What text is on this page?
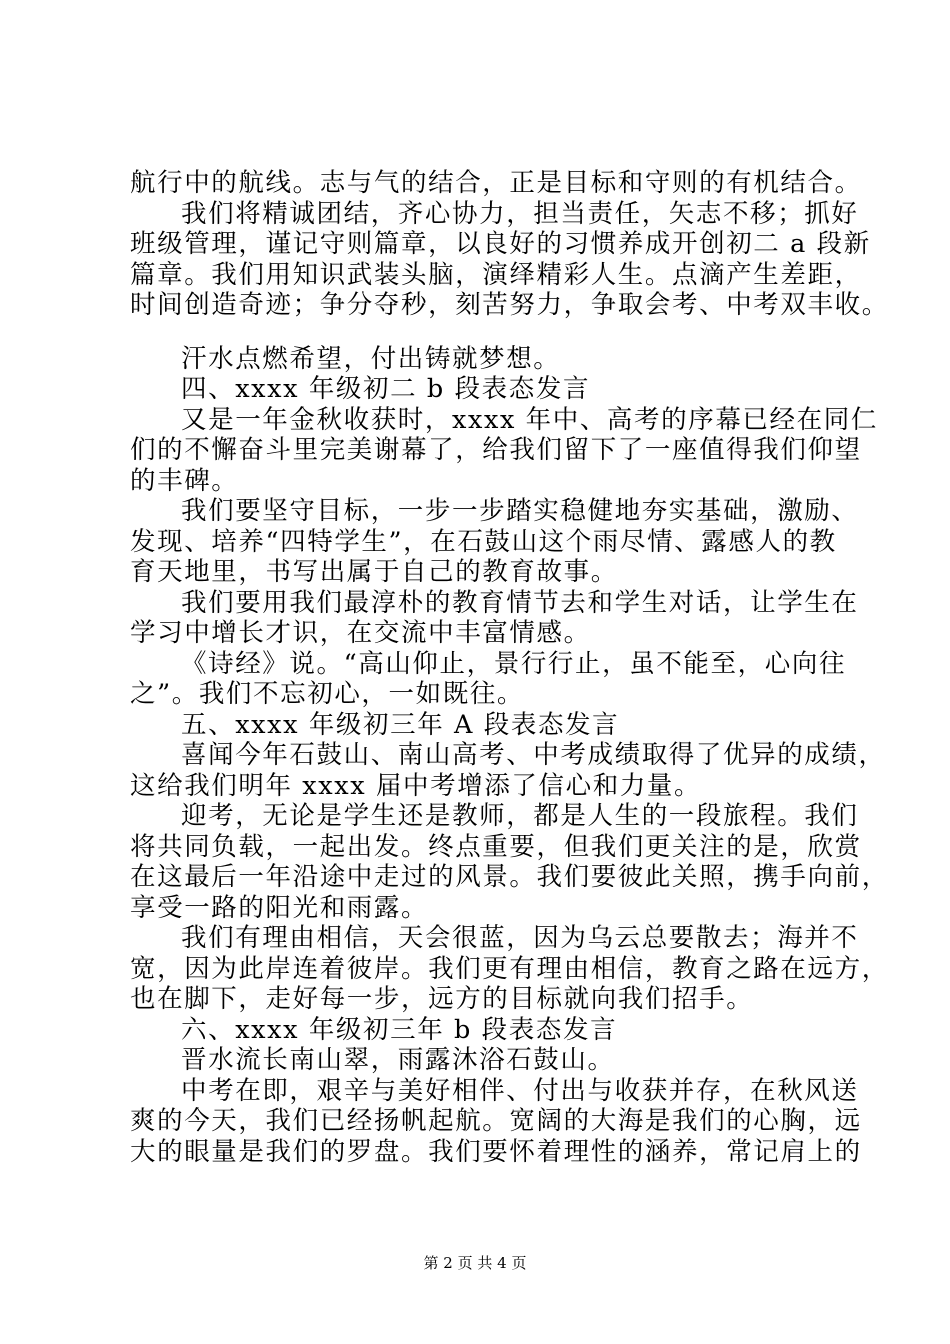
航行中的航线。志与气的结合，正是目标和守则的有机结合。
我们将精诚团结，齐心协力，担当责任，矢志不移；抓好
班级管理，谨记守则篇章，以良好的习惯养成开创初二 a 段新
篇章。我们用知识武装头脑，演绎精彩人生。点滴产生差距，
时间创造奇迹；争分夺秒，刻苦努力，争取会考、中考双丰收。
汗水点燃希望，付出铸就梦想。
四、xxxx 年级初二 b 段表态发言
又是一年金秋收获时，xxxx 年中、高考的序幕已经在同仁
们的不懈奋斗里完美谢幕了，给我们留下了一座值得我们仰望
的丰碑。
我们要坚守目标，一步一步踏实稳健地夯实基础，激励、
发现、培养“四特学生”，在石鼓山这个雨尽情、露感人的教
育天地里，书写出属于自己的教育故事。
我们要用我们最淳朴的教育情节去和学生对话，让学生在
学习中增长才识，在交流中丰富情感。
《诗经》说。“高山仰止，景行行止，虽不能至，心向往
之”。我们不忘初心，一如既往。
五、xxxx 年级初三年 A 段表态发言
喜闻今年石鼓山、南山高考、中考成绩取得了优异的成绩，
这给我们明年 xxxx 届中考增添了信心和力量。
迎考，无论是学生还是教师，都是人生的一段旅程。我们
将共同负载，一起出发。终点重要，但我们更关注的是，欣赏
在这最后一年沿途中走过的风景。我们要彼此关照，携手向前，
享受一路的阳光和雨露。
我们有理由相信，天会很蓝，因为乌云总要散去；海并不
宽，因为此岸连着彼岸。我们更有理由相信，教育之路在远方，
也在脚下，走好每一步，远方的目标就向我们招手。
六、xxxx 年级初三年 b 段表态发言
晋水流长南山翠，雨露沐浴石鼓山。
中考在即，艰辛与美好相伴、付出与收获并存，在秋风送
爽的今天，我们已经扬帆起航。宽阔的大海是我们的心胸，远
大的眼量是我们的罗盘。我们要怀着理性的涵养，常记肩上的
第 2 页 共 4 页
